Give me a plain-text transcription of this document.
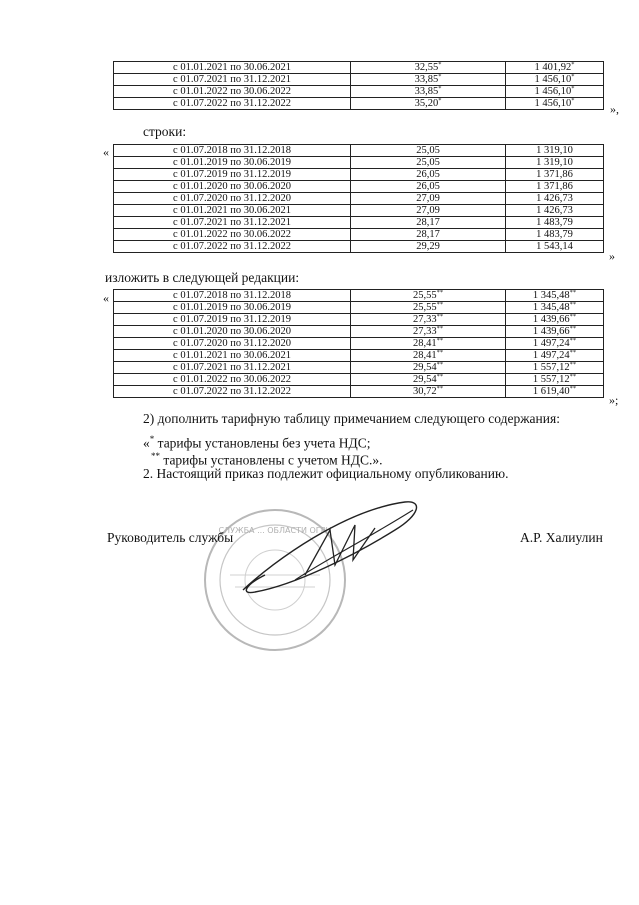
с 01.01.2021 по 30.06.2021	32,55*	1 401,92*
с 01.07.2021 по 31.12.2021	33,85*	1 456,10*
с 01.01.2022 по 30.06.2022	33,85*	1 456,10*
с 01.07.2022 по 31.12.2022	35,20*	1 456,10*
»,
строки:
«	с 01.07.2018 по 31.12.2018	25,05	1 319,10
с 01.01.2019 по 30.06.2019	25,05	1 319,10
с 01.07.2019 по 31.12.2019	26,05	1 371,86
с 01.01.2020 по 30.06.2020	26,05	1 371,86
с 01.07.2020 по 31.12.2020	27,09	1 426,73
с 01.01.2021 по 30.06.2021	27,09	1 426,73
с 01.07.2021 по 31.12.2021	28,17	1 483,79
с 01.01.2022 по 30.06.2022	28,17	1 483,79
с 01.07.2022 по 31.12.2022	29,29	1 543,14
»
изложить в следующей редакции:
«	с 01.07.2018 по 31.12.2018	25,55**	1 345,48**
с 01.01.2019 по 30.06.2019	25,55**	1 345,48**
с 01.07.2019 по 31.12.2019	27,33**	1 439,66**
с 01.01.2020 по 30.06.2020	27,33**	1 439,66**
с 01.07.2020 по 31.12.2020	28,41**	1 497,24**
с 01.01.2021 по 30.06.2021	28,41**	1 497,24**
с 01.07.2021 по 31.12.2021	29,54**	1 557,12**
с 01.01.2022 по 30.06.2022	29,54**	1 557,12**
с 01.07.2022 по 31.12.2022	30,72**	1 619,40**
»;
2) дополнить тарифную таблицу примечанием следующего содержания:
«* тарифы установлены без учета НДС;
** тарифы установлены с учетом НДС.».
2. Настоящий приказ подлежит официальному опубликованию.
СЛУЖБА ... ОБЛАСТИ ОГРН
Руководитель службы	А.Р. Халиулин
